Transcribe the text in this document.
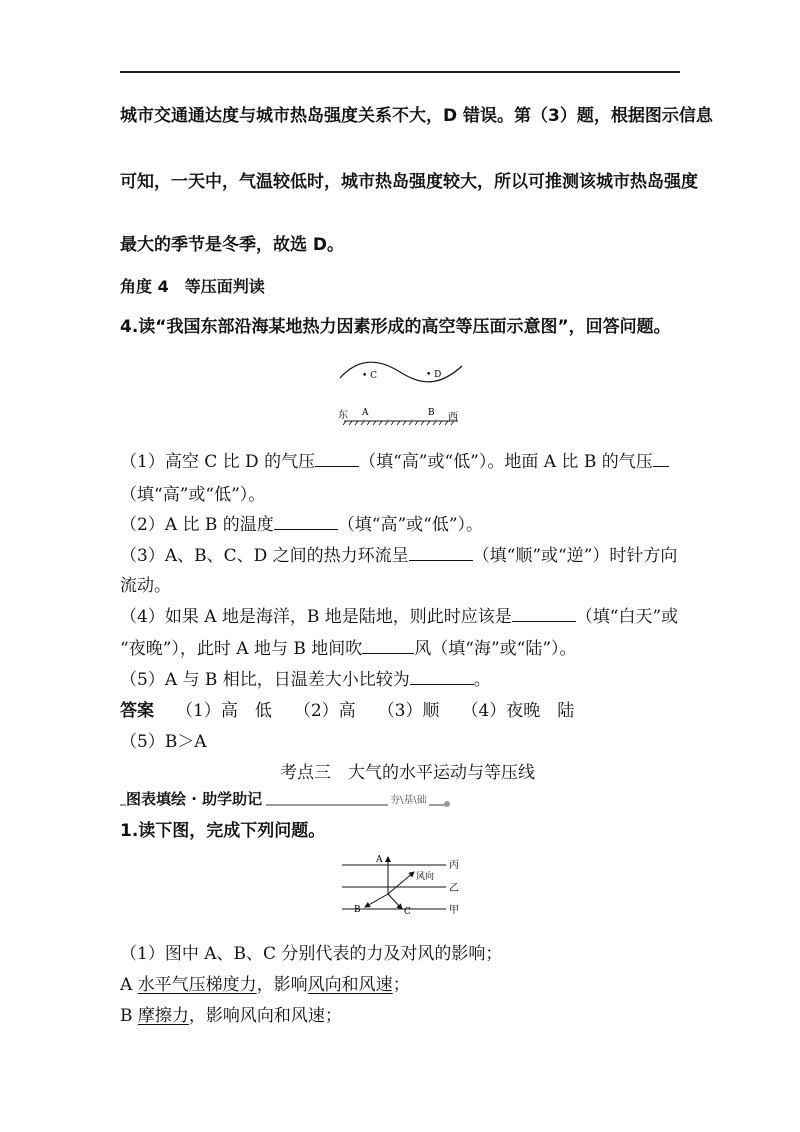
城市交通通达度与城市热岛强度关系不大，D 错误。第（3）题，根据图示信息
可知，一天中，气温较低时，城市热岛强度较大，所以可推测该城市热岛强度
最大的季节是冬季，故选 D。
角度 4　等压面判读
4.读“我国东部沿海某地热力因素形成的高空等压面示意图”，回答问题。
• C	• D
东 A	B 西
（1）高空 C 比 D 的气压	（填“高”或“低”）。地面 A 比 B 的气压
（填“高”或“低”）。
（2）A 比 B 的温度	（填“高”或“低”）。
（3）A、B、C、D 之间的热力环流呈	（填“顺”或“逆”）时针方向
流动。
（4）如果 A 地是海洋，B 地是陆地，则此时应该是	（填“白天”或
“夜晚”），此时 A 地与 B 地间吹	风（填“海”或“陆”）。
（5）A 与 B 相比，日温差大小比较为	。
答案 （1）高　低 （2）高 （3）顺 （4）夜晚　陆
（5）B＞A
考点三　大气的水平运动与等压线
图表填绘 · 助学助记	夯\基\础
1.读下图，完成下列问题。
A
B	C
风向
丙
乙
甲
（1）图中 A、B、C 分别代表的力及对风的影响；
A 水平气压梯度力，影响风向和风速；
B 摩擦力，影响风向和风速；
